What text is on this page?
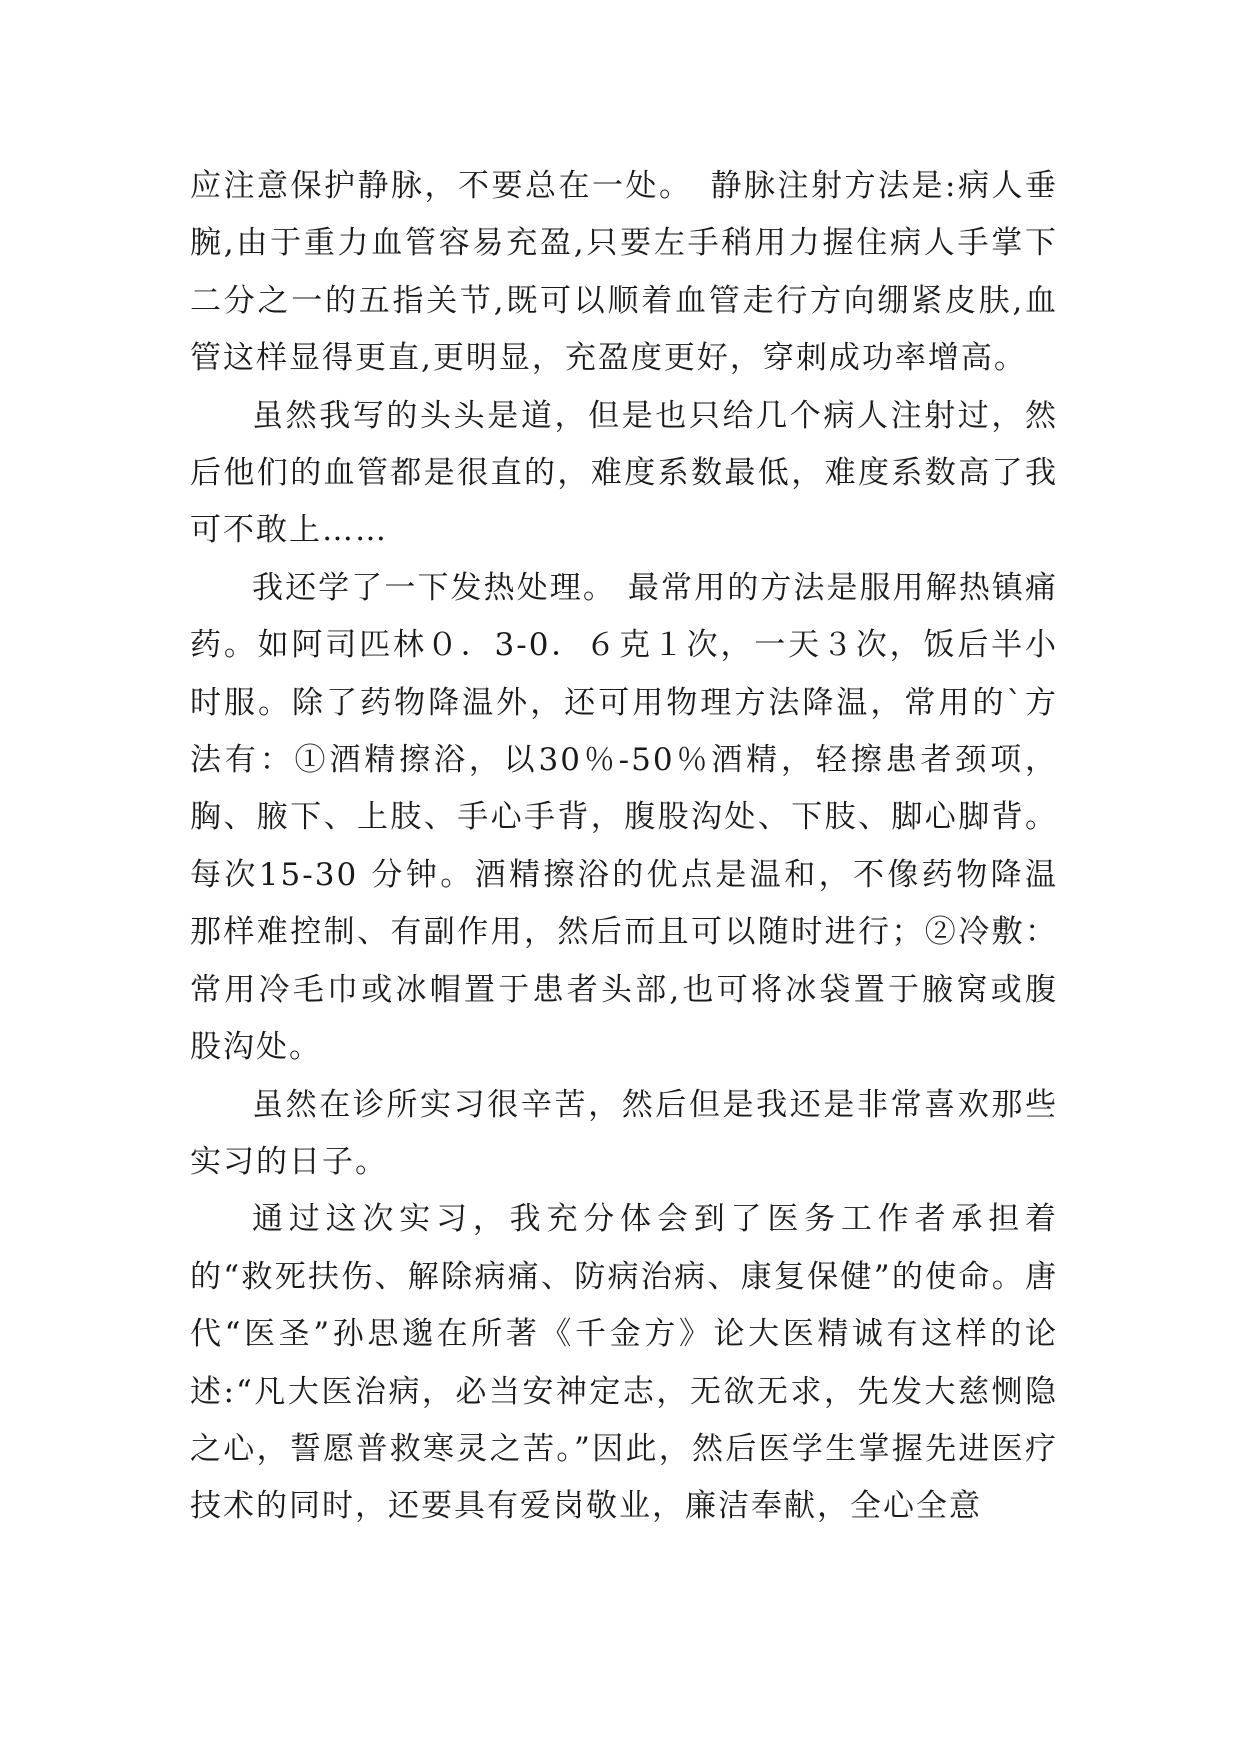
应注意保护静脉，不要总在一处。　静脉注射方法是:病人垂腕,由于重力血管容易充盈,只要左手稍用力握住病人手掌下二分之一的五指关节,既可以顺着血管走行方向绷紧皮肤,血管这样显得更直,更明显，充盈度更好，穿刺成功率增高。

虽然我写的头头是道，但是也只给几个病人注射过，然后他们的血管都是很直的，难度系数最低，难度系数高了我可不敢上……

我还学了一下发热处理。 最常用的方法是服用解热镇痛药。如阿司匹林０．3-0．６克１次，一天３次，饭后半小时服。除了药物降温外，还可用物理方法降温，常用的`方法有：①酒精擦浴，以30％-50％酒精，轻擦患者颈项，胸、腋下、上肢、手心手背，腹股沟处、下肢、脚心脚背。每次15-30 分钟。酒精擦浴的优点是温和，不像药物降温那样难控制、有副作用，然后而且可以随时进行；②冷敷：常用冷毛巾或冰帽置于患者头部,也可将冰袋置于腋窝或腹股沟处。

虽然在诊所实习很辛苦，然后但是我还是非常喜欢那些实习的日子。

通过这次实习，我充分体会到了医务工作者承担着的“救死扶伤、解除病痛、防病治病、康复保健”的使命。唐代“医圣”孙思邈在所著《千金方》论大医精诚有这样的论述:“凡大医治病，必当安神定志，无欲无求，先发大慈恻隐之心，誓愿普救寒灵之苦。”因此，然后医学生掌握先进医疗技术的同时，还要具有爱岗敬业，廉洁奉献，全心全意
